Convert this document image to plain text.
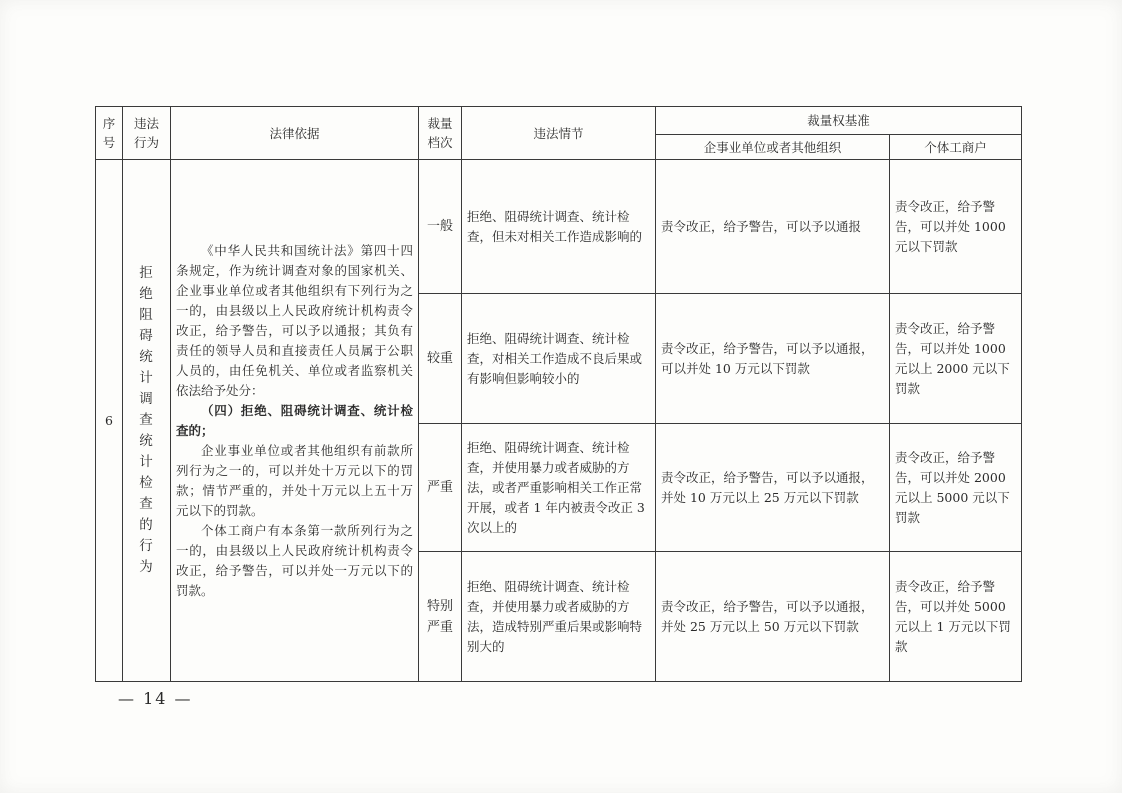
序号	违法行为	法律依据	裁量档次	违法情节	裁量权基准	
					企事业单位或者其他组织	个体工商户
6	拒绝阻碍统计调查统计检查的行为	《中华人民共和国统计法》第四十四条规定，作为统计调查对象的国家机关、企业事业单位或者其他组织有下列行为之一的，由县级以上人民政府统计机构责令改正，给予警告，可以予以通报；其负有责任的领导人员和直接责任人员属于公职人员的，由任免机关、单位或者监察机关依法给予处分：

（四）拒绝、阻碍统计调查、统计检查的；

企业事业单位或者其他组织有前款所列行为之一的，可以并处十万元以下的罚款；情节严重的，并处十万元以上五十万元以下的罚款。

个体工商户有本条第一款所列行为之一的，由县级以上人民政府统计机构责令改正，给予警告，可以并处一万元以下的罚款。	一般	拒绝、阻碍统计调查、统计检查，但未对相关工作造成影响的	责令改正，给予警告，可以予以通报	责令改正，给予警告，可以并处 1000 元以下罚款
			较重	拒绝、阻碍统计调查、统计检查，对相关工作造成不良后果或有影响但影响较小的	责令改正，给予警告，可以予以通报，可以并处 10 万元以下罚款	责令改正，给予警告，可以并处 1000 元以上 2000 元以下罚款
			严重	拒绝、阻碍统计调查、统计检查，并使用暴力或者威胁的方法，或者严重影响相关工作正常开展，或者 1 年内被责令改正 3 次以上的	责令改正，给予警告，可以予以通报，并处 10 万元以上 25 万元以下罚款	责令改正，给予警告，可以并处 2000 元以上 5000 元以下罚款
			特别严重	拒绝、阻碍统计调查、统计检查，并使用暴力或者威胁的方法，造成特别严重后果或影响特别大的	责令改正，给予警告，可以予以通报，并处 25 万元以上 50 万元以下罚款	责令改正，给予警告，可以并处 5000 元以上 1 万元以下罚款
— 14 —
